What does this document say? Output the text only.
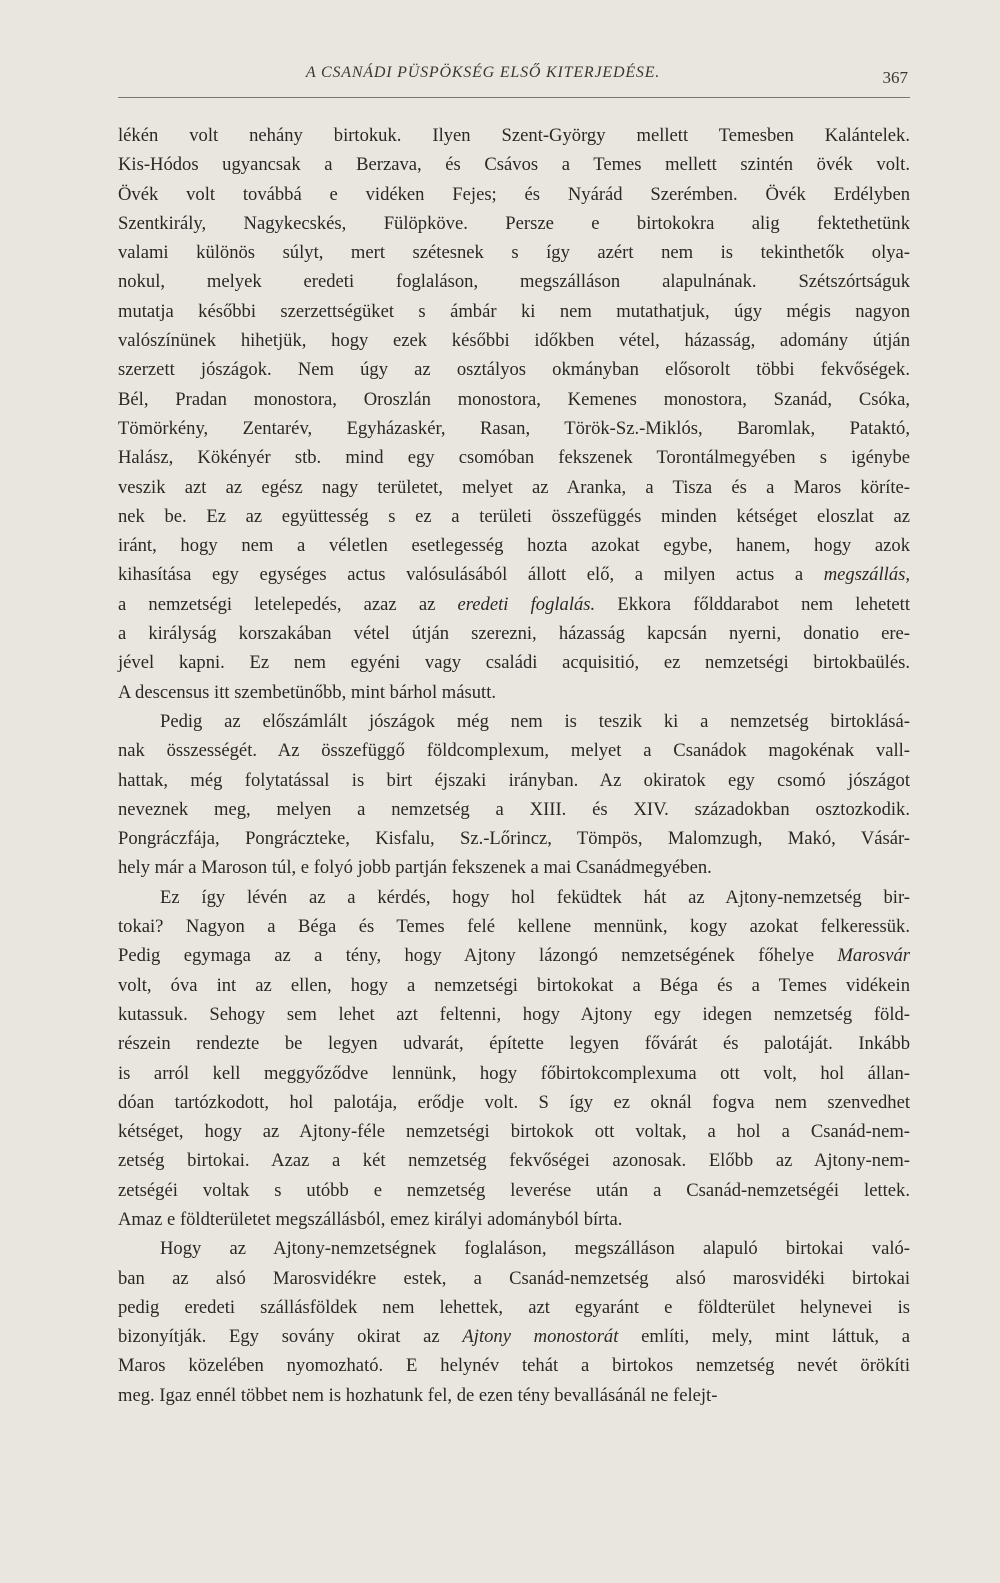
A CSANÁDI PÜSPÖKSÉG ELSŐ KITERJEDÉSE.	367
lékén volt nehány birtokuk. Ilyen Szent-György mellett Temesben Kalántelek.
Kis-Hódos ugyancsak a Berzava, és Csávos a Temes mellett szintén övék volt.
Övék volt továbbá e vidéken Fejes; és Nyárád Szerémben. Övék Erdélyben
Szentkirály, Nagykecskés, Fülöpköve. Persze e birtokokra alig fektethetünk
valami különös súlyt, mert szétesnek s így azért nem is tekinthetők olya-
nokul, melyek eredeti foglaláson, megszálláson alapulnának. Szétszórtságuk
mutatja későbbi szerzettségüket s ámbár ki nem mutathatjuk, úgy mégis nagyon
valószínünek hihetjük, hogy ezek későbbi időkben vétel, házasság, adomány útján
szerzett jószágok. Nem úgy az osztályos okmányban elősorolt többi fekvőségek.
Bél, Pradan monostora, Oroszlán monostora, Kemenes monostora, Szanád, Csóka,
Tömörkény, Zentarév, Egyházaskér, Rasan, Török-Sz.-Miklós, Baromlak, Pataktó,
Halász, Kökényér stb. mind egy csomóban fekszenek Torontálmegyében s igénybe
veszik azt az egész nagy területet, melyet az Aranka, a Tisza és a Maros köríte-
nek be. Ez az együttesség s ez a területi összefüggés minden kétséget eloszlat az
iránt, hogy nem a véletlen esetlegesség hozta azokat egybe, hanem, hogy azok
kihasítása egy egységes actus valósulásából állott elő, a milyen actus a megszállás,
a nemzetségi letelepedés, azaz az eredeti foglalás. Ekkora főlddarabot nem lehetett
a királyság korszakában vétel útján szerezni, házasság kapcsán nyerni, donatio ere-
jével kapni. Ez nem egyéni vagy családi acquisitió, ez nemzetségi birtokbaülés.
A descensus itt szembetünőbb, mint bárhol másutt.
Pedig az előszámlált jószágok még nem is teszik ki a nemzetség birtoklásá-
nak összességét. Az összefüggő földcomplexum, melyet a Csanádok magokénak vall-
hattak, még folytatással is birt éjszaki irányban. Az okiratok egy csomó jószágot
neveznek meg, melyen a nemzetség a XIII. és XIV. századokban osztozkodik.
Pongráczfája, Pongráczteke, Kisfalu, Sz.-Lőrincz, Tömpös, Malomzugh, Makó, Vásár-
hely már a Maroson túl, e folyó jobb partján fekszenek a mai Csanádmegyében.
Ez így lévén az a kérdés, hogy hol feküdtek hát az Ajtony-nemzetség bir-
tokai? Nagyon a Béga és Temes felé kellene mennünk, kogy azokat felkeressük.
Pedig egymaga az a tény, hogy Ajtony lázongó nemzetségének főhelye Marosvár
volt, óva int az ellen, hogy a nemzetségi birtokokat a Béga és a Temes vidékein
kutassuk. Sehogy sem lehet azt feltenni, hogy Ajtony egy idegen nemzetség föld-
részein rendezte be legyen udvarát, építette legyen fővárát és palotáját. Inkább
is arról kell meggyőződve lennünk, hogy főbirtokcomplexuma ott volt, hol állan-
dóan tartózkodott, hol palotája, erődje volt. S így ez oknál fogva nem szenvedhet
kétséget, hogy az Ajtony-féle nemzetségi birtokok ott voltak, a hol a Csanád-nem-
zetség birtokai. Azaz a két nemzetség fekvőségei azonosak. Előbb az Ajtony-nem-
zetségéi voltak s utóbb e nemzetség leverése után a Csanád-nemzetségéi lettek.
Amaz e földterületet megszállásból, emez királyi adományból bírta.
Hogy az Ajtony-nemzetségnek foglaláson, megszálláson alapuló birtokai való-
ban az alsó Marosvidékre estek, a Csanád-nemzetség alsó marosvidéki birtokai
pedig eredeti szállásföldek nem lehettek, azt egyaránt e földterület helynevei is
bizonyítják. Egy sovány okirat az Ajtony monostorát említi, mely, mint láttuk, a
Maros közelében nyomozható. E helynév tehát a birtokos nemzetség nevét örökíti
meg. Igaz ennél többet nem is hozhatunk fel, de ezen tény bevallásánál ne felejt-
